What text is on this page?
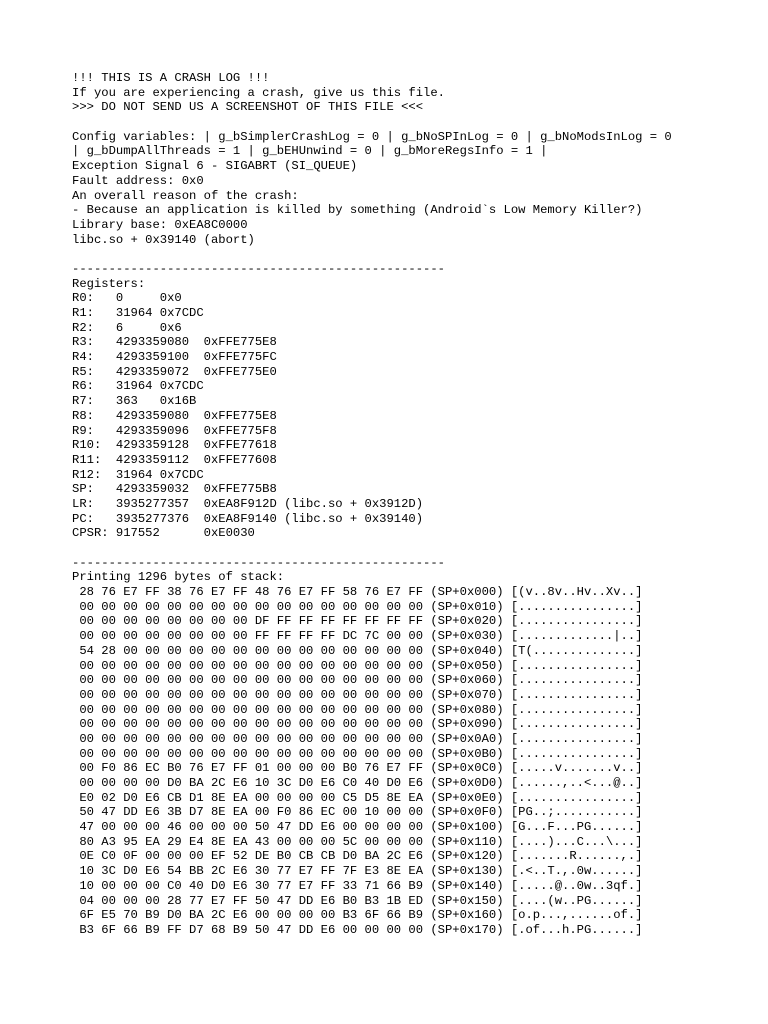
!!! THIS IS A CRASH LOG !!!
If you are experiencing a crash, give us this file.
>>> DO NOT SEND US A SCREENSHOT OF THIS FILE <<<
Config variables: | g_bSimplerCrashLog = 0 | g_bNoSPInLog = 0 | g_bNoModsInLog = 0
| g_bDumpAllThreads = 1 | g_bEHUnwind = 0 | g_bMoreRegsInfo = 1 |
Exception Signal 6 - SIGABRT (SI_QUEUE)
Fault address: 0x0
An overall reason of the crash:
- Because an application is killed by something (Android`s Low Memory Killer?)
Library base: 0xEA8C0000
libc.so + 0x39140 (abort)
---------------------------------------------------
Registers:
R0:   0     0x0
R1:   31964 0x7CDC
R2:   6     0x6
R3:   4293359080  0xFFE775E8
R4:   4293359100  0xFFE775FC
R5:   4293359072  0xFFE775E0
R6:   31964 0x7CDC
R7:   363   0x16B
R8:   4293359080  0xFFE775E8
R9:   4293359096  0xFFE775F8
R10:  4293359128  0xFFE77618
R11:  4293359112  0xFFE77608
R12:  31964 0x7CDC
SP:   4293359032  0xFFE775B8
LR:   3935277357  0xEA8F912D (libc.so + 0x3912D)
PC:   3935277376  0xEA8F9140 (libc.so + 0x39140)
CPSR: 917552      0xE0030
---------------------------------------------------
Printing 1296 bytes of stack:
28 76 E7 FF 38 76 E7 FF 48 76 E7 FF 58 76 E7 FF (SP+0x000) [(v..8v..Hv..Xv..]
00 00 00 00 00 00 00 00 00 00 00 00 00 00 00 00 (SP+0x010) [................]
00 00 00 00 00 00 00 00 DF FF FF FF FF FF FF FF (SP+0x020) [................]
00 00 00 00 00 00 00 00 FF FF FF FF DC 7C 00 00 (SP+0x030) [.............|..]
54 28 00 00 00 00 00 00 00 00 00 00 00 00 00 00 (SP+0x040) [T(..............]
00 00 00 00 00 00 00 00 00 00 00 00 00 00 00 00 (SP+0x050) [................]
00 00 00 00 00 00 00 00 00 00 00 00 00 00 00 00 (SP+0x060) [................]
00 00 00 00 00 00 00 00 00 00 00 00 00 00 00 00 (SP+0x070) [................]
00 00 00 00 00 00 00 00 00 00 00 00 00 00 00 00 (SP+0x080) [................]
00 00 00 00 00 00 00 00 00 00 00 00 00 00 00 00 (SP+0x090) [................]
00 00 00 00 00 00 00 00 00 00 00 00 00 00 00 00 (SP+0x0A0) [................]
00 00 00 00 00 00 00 00 00 00 00 00 00 00 00 00 (SP+0x0B0) [................]
00 F0 86 EC B0 76 E7 FF 01 00 00 00 B0 76 E7 FF (SP+0x0C0) [.....v.......v..]
00 00 00 00 D0 BA 2C E6 10 3C D0 E6 C0 40 D0 E6 (SP+0x0D0) [......,..<...@..]
E0 02 D0 E6 CB D1 8E EA 00 00 00 00 C5 D5 8E EA (SP+0x0E0) [................]
50 47 DD E6 3B D7 8E EA 00 F0 86 EC 00 10 00 00 (SP+0x0F0) [PG..;...........]
47 00 00 00 46 00 00 00 50 47 DD E6 00 00 00 00 (SP+0x100) [G...F...PG......]
80 A3 95 EA 29 E4 8E EA 43 00 00 00 5C 00 00 00 (SP+0x110) [....)...C...\...]
0E C0 0F 00 00 00 EF 52 DE B0 CB CB D0 BA 2C E6 (SP+0x120) [.......R......,.]
10 3C D0 E6 54 BB 2C E6 30 77 E7 FF 7F E3 8E EA (SP+0x130) [.<..T.,.0w......]
10 00 00 00 C0 40 D0 E6 30 77 E7 FF 33 71 66 B9 (SP+0x140) [.....@..0w..3qf.]
04 00 00 00 28 77 E7 FF 50 47 DD E6 B0 B3 1B ED (SP+0x150) [....(w..PG......]
6F E5 70 B9 D0 BA 2C E6 00 00 00 00 B3 6F 66 B9 (SP+0x160) [o.p...,......of.]
B3 6F 66 B9 FF D7 68 B9 50 47 DD E6 00 00 00 00 (SP+0x170) [.of...h.PG......]
